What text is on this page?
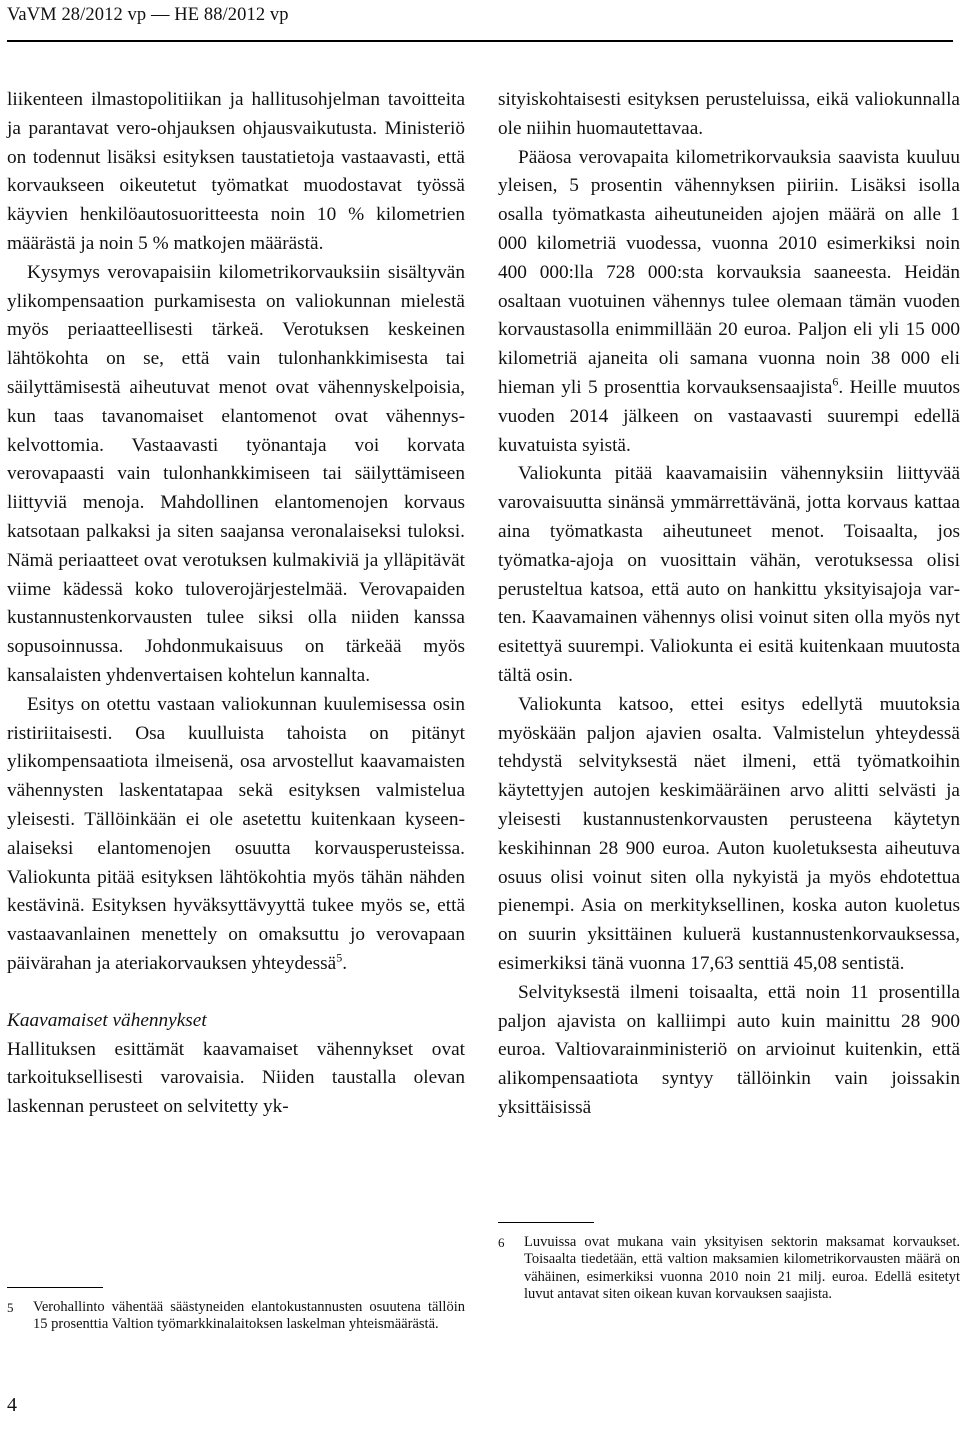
VaVM 28/2012 vp — HE 88/2012 vp

liikenteen ilmastopolitiikan ja hallitusohjelman tavoitteita ja parantavat vero-ohjauksen ohjausvaikutusta. Ministeriö on todennut lisäksi esityksen taustatietoja vastaavasti, että korvaukseen oikeutetut työmatkat muodostavat työssä käyvien henkilöautosuoritteesta noin 10 % kilometrien määrästä ja noin 5 % matkojen määrästä.

Kysymys verovapaisiin kilometrikorvauksiin sisältyvän ylikompensaation purkamisesta on valiokunnan mielestä myös periaatteellisesti tärkeä. Verotuksen keskeinen lähtökohta on se, että vain tulonhankkimisesta tai säilyttämisestä aiheutuvat menot ovat vähennyskelpoisia, kun taas tavanomaiset elantomenot ovat vähennyskelvottomia. Vastaavasti työnantaja voi korvata verovapaasti vain tulonhankkimiseen tai säilyttämiseen liittyviä menoja. Mahdollinen elantomenojen korvaus katsotaan palkaksi ja siten saajansa veronalaiseksi tuloksi. Nämä periaatteet ovat verotuksen kulmakiviä ja ylläpitävät viime kädessä koko tuloverojärjestelmää. Verovapaiden kustannustenkorvausten tulee siksi olla niiden kanssa sopusoinnussa. Johdonmukaisuus on tärkeää myös kansalaisten yhdenvertaisen kohtelun kannalta.

Esitys on otettu vastaan valiokunnan kuulemisessa osin ristiriitaisesti. Osa kuulluista tahoista on pitänyt ylikompensaatiota ilmeisenä, osa arvostellut kaavamaisten vähennysten laskentatapaa sekä esityksen valmistelua yleisesti. Tällöinkään ei ole asetettu kuitenkaan kyseenalaiseksi elantomenojen osuutta korvausperusteissa. Valiokunta pitää esityksen lähtökohtia myös tähän nähden kestävinä. Esityksen hyväksyttävyyttä tukee myös se, että vastaavanlainen menettely on omaksuttu jo verovapaan päivärahan ja ateriakorvauksen yhteydessä$^5$.

Kaavamaiset vähennykset

Hallituksen esittämät kaavamaiset vähennykset ovat tarkoituksellisesti varovaisia. Niiden taustalla olevan laskennan perusteet on selvitetty yk-

sityiskohtaisesti esityksen perusteluissa, eikä valiokunnalla ole niihin huomautettavaa.

Pääosa verovapaita kilometrikorvauksia saavista kuuluu yleisen, 5 prosentin vähennyksen piiriin. Lisäksi isolla osalla työmatkasta aiheutuneiden ajojen määrä on alle 1 000 kilometriä vuodessa, vuonna 2010 esimerkiksi noin 400 000:lla 728 000:sta korvauksia saaneesta. Heidän osaltaan vuotuinen vähennys tulee olemaan tämän vuoden korvaustasolla enimmillään 20 euroa. Paljon eli yli 15 000 kilometriä ajaneita oli samana vuonna noin 38 000 eli hieman yli 5 prosenttia korvauksensaajista$^6$. Heille muutos vuoden 2014 jälkeen on vastaavasti suurempi edellä kuvatuista syistä.

Valiokunta pitää kaavamaisiin vähennyksiin liittyvää varovaisuutta sinänsä ymmärrettävänä, jotta korvaus kattaa aina työmatkasta aiheutuneet menot. Toisaalta, jos työmatka-ajoja on vuosittain vähän, verotuksessa olisi perusteltua katsoa, että auto on hankittu yksityisajoja varten. Kaavamainen vähennys olisi voinut siten olla myös nyt esitettyä suurempi. Valiokunta ei esitä kuitenkaan muutosta tältä osin.

Valiokunta katsoo, ettei esitys edellytä muutoksia myöskään paljon ajavien osalta. Valmistelun yhteydessä tehdystä selvityksestä näet ilmeni, että työmatkoihin käytettyjen autojen keskimääräinen arvo alitti selvästi ja yleisesti kustannustenkorvausten perusteena käytetyn keskihinnan 28 900 euroa. Auton kuoletuksesta aiheutuva osuus olisi voinut siten olla nykyistä ja myös ehdotettua pienempi. Asia on merkityksellinen, koska auton kuoletus on suurin yksittäinen kuluerä kustannustenkorvauksessa, esimerkiksi tänä vuonna 17,63 senttiä 45,08 sentistä.

Selvityksestä ilmeni toisaalta, että noin 11 prosentilla paljon ajavista on kalliimpi auto kuin mainittu 28 900 euroa. Valtiovarainministeriö on arvioinut kuitenkin, että alikompensaatiota syntyy tällöinkin vain joissakin yksittäisissä

5	Verohallinto vähentää säästyneiden elantokustannusten osuutena tällöin 15 prosenttia Valtion työmarkkinalaitoksen laskelman yhteismäärästä.
6	Luvuissa ovat mukana vain yksityisen sektorin maksamat korvaukset. Toisaalta tiedetään, että valtion maksamien kilometrikorvausten määrä on vähäinen, esimerkiksi vuonna 2010 noin 21 milj. euroa. Edellä esitetyt luvut antavat siten oikean kuvan korvauksen saajista.
4
